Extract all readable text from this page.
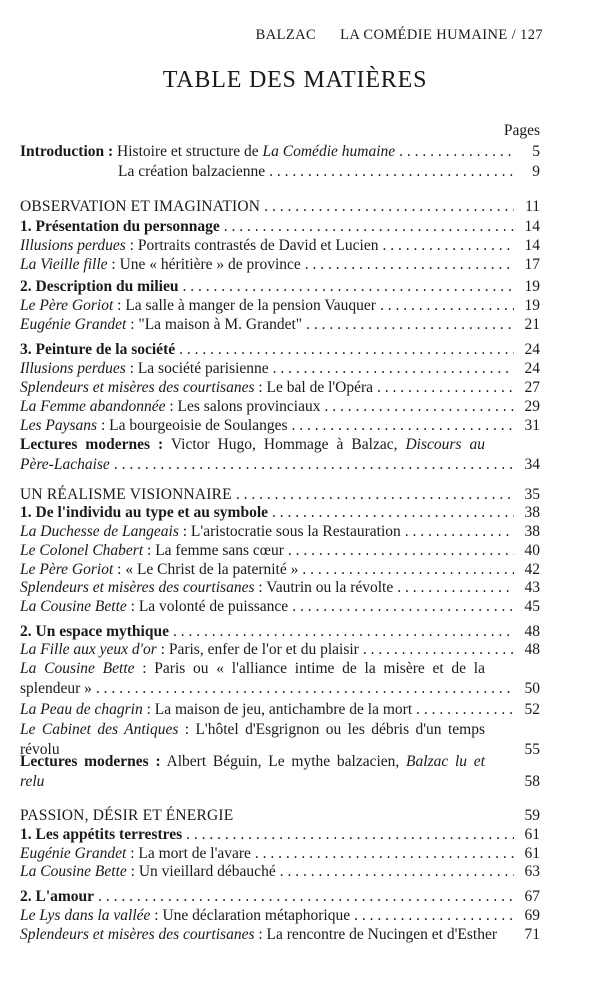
BALZAC LA COMÉDIE HUMAINE / 127
TABLE DES MATIÈRES
Pages
Introduction : Histoire et structure de La Comédie humaine . . .	5
La création balzacienne . . .	9
OBSERVATION ET IMAGINATION . . .	11
1. Présentation du personnage . . .	14
Illusions perdues : Portraits contrastés de David et Lucien . . .	14
La Vieille fille : Une « héritière » de province . . .	17
2. Description du milieu . . .	19
Le Père Goriot : La salle à manger de la pension Vauquer . . .	19
Eugénie Grandet : "La maison à M. Grandet" . . .	21
3. Peinture de la société . . .	24
Illusions perdues : La société parisienne . . .	24
Splendeurs et misères des courtisanes : Le bal de l'Opéra . . .	27
La Femme abandonnée : Les salons provinciaux . . .	29
Les Paysans : La bourgeoisie de Soulanges . . .	31
Lectures modernes : Victor Hugo, Hommage à Balzac, Discours au
Père-Lachaise . . .	34
UN RÉALISME VISIONNAIRE . . .	35
1. De l'individu au type et au symbole . . .	38
La Duchesse de Langeais : L'aristocratie sous la Restauration . . .	38
Le Colonel Chabert : La femme sans cœur . . .	40
Le Père Goriot : « Le Christ de la paternité » . . .	42
Splendeurs et misères des courtisanes : Vautrin ou la révolte . . .	43
La Cousine Bette : La volonté de puissance . . .	45
2. Un espace mythique . . .	48
La Fille aux yeux d'or : Paris, enfer de l'or et du plaisir . . .	48
La Cousine Bette : Paris ou « l'alliance intime de la misère et de la
splendeur » . . .	50
La Peau de chagrin : La maison de jeu, antichambre de la mort . . .	52
Le Cabinet des Antiques : L'hôtel d'Esgrignon ou les débris d'un temps
révolu	55
Lectures modernes : Albert Béguin, Le mythe balzacien, Balzac lu et
relu	58
PASSION, DÉSIR ET ÉNERGIE	59
1. Les appétits terrestres . . .	61
Eugénie Grandet : La mort de l'avare . . .	61
La Cousine Bette : Un vieillard débauché . . .	63
2. L'amour . . .	67
Le Lys dans la vallée : Une déclaration métaphorique . . .	69
Splendeurs et misères des courtisanes : La rencontre de Nucingen et d'Esther 71
